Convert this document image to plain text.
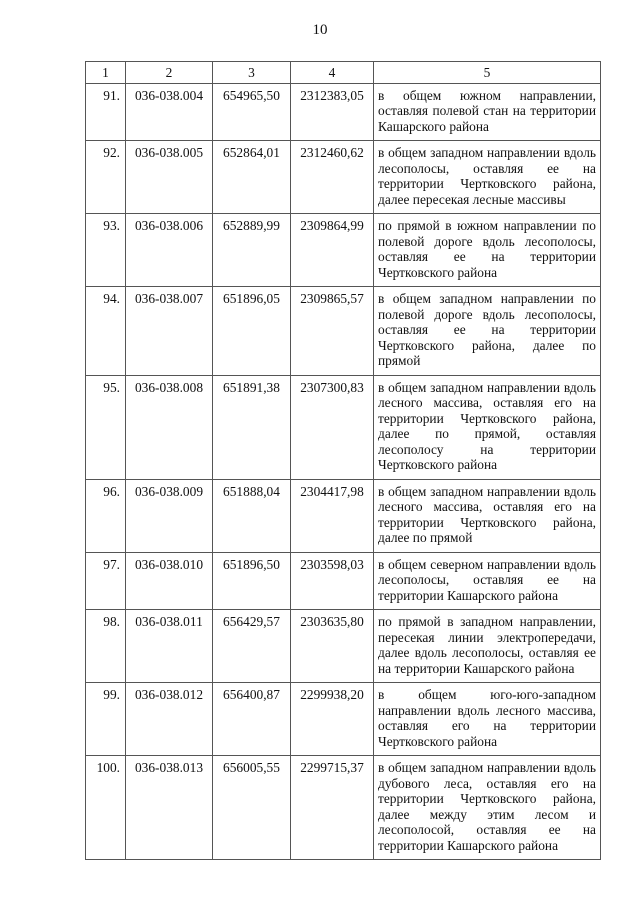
10
1	2	3	4	5
91.	036-038.004	654965,50	2312383,05	в общем южном направлении, оставляя полевой стан на территории Кашарского района
92.	036-038.005	652864,01	2312460,62	в общем западном направлении вдоль лесополосы, оставляя ее на территории Чертковского района, далее пересекая лесные массивы
93.	036-038.006	652889,99	2309864,99	по прямой в южном направлении по полевой дороге вдоль лесополосы, оставляя ее на территории Чертковского района
94.	036-038.007	651896,05	2309865,57	в общем западном направлении по полевой дороге вдоль лесополосы, оставляя ее на территории Чертковского района, далее по прямой
95.	036-038.008	651891,38	2307300,83	в общем западном направлении вдоль лесного массива, оставляя его на территории Чертковского района, далее по прямой, оставляя лесополосу на территории Чертковского района
96.	036-038.009	651888,04	2304417,98	в общем западном направлении вдоль лесного массива, оставляя его на территории Чертковского района, далее по прямой
97.	036-038.010	651896,50	2303598,03	в общем северном направлении вдоль лесополосы, оставляя ее на территории Кашарского района
98.	036-038.011	656429,57	2303635,80	по прямой в западном направлении, пересекая линии электропередачи, далее вдоль лесополосы, оставляя ее на территории Кашарского района
99.	036-038.012	656400,87	2299938,20	в общем юго-юго-западном направлении вдоль лесного массива, оставляя его на территории Чертковского района
100.	036-038.013	656005,55	2299715,37	в общем западном направлении вдоль дубового леса, оставляя его на территории Чертковского района, далее между этим лесом и лесополосой, оставляя ее на территории Кашарского района
